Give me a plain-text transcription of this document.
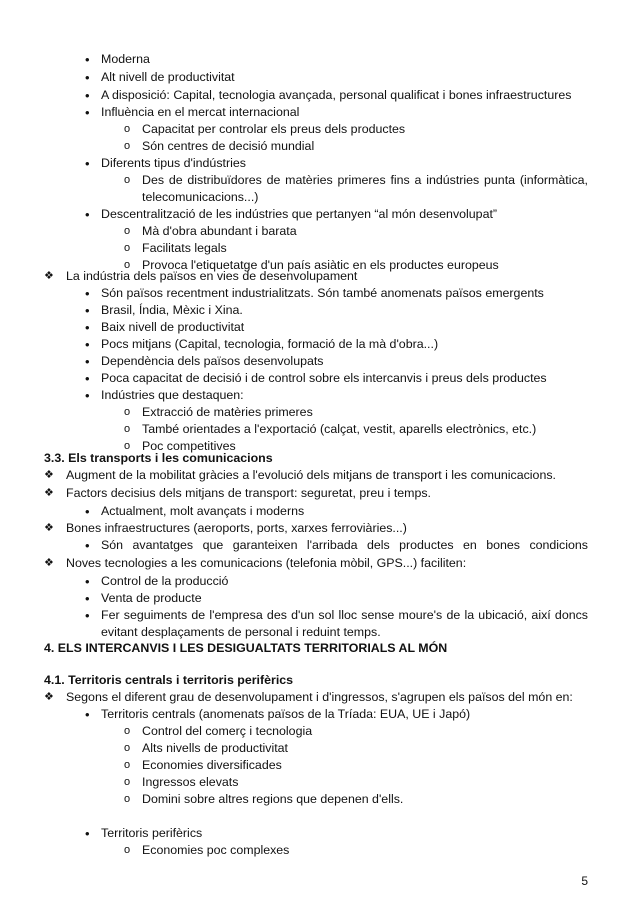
• Moderna
• Alt nivell de productivitat
• A disposició: Capital, tecnologia avançada, personal qualificat i bones infraestructures
• Influència en el mercat internacional
o Capacitat per controlar els preus dels productes
o Són centres de decisió mundial
• Diferents tipus d'indústries
o Des de distribuïdores de matèries primeres fins a indústries punta (informàtica,
telecomunicacions...)
• Descentralització de les indústries que pertanyen “al món desenvolupat”
o Mà d'obra abundant i barata
o Facilitats legals
o Provoca l'etiquetatge d'un país asiàtic en els productes europeus
❖ La indústria dels països en vies de desenvolupament
• Són països recentment industrialitzats. Són també anomenats països emergents
• Brasil, Índia, Mèxic i Xina.
• Baix nivell de productivitat
• Pocs mitjans (Capital, tecnologia, formació de la mà d'obra...)
• Dependència dels països desenvolupats
• Poca capacitat de decisió i de control sobre els intercanvis i preus dels productes
• Indústries que destaquen:
o Extracció de matèries primeres
o També orientades a l'exportació (calçat, vestit, aparells electrònics, etc.)
o Poc competitives
3.3. Els transports i les comunicacions
❖ Augment de la mobilitat gràcies a l'evolució dels mitjans de transport i les comunicacions.
❖ Factors decisius dels mitjans de transport: seguretat, preu i temps.
• Actualment, molt avançats i moderns
❖ Bones infraestructures (aeroports, ports, xarxes ferroviàries...)
• Són avantatges que garanteixen l'arribada dels productes en bones condicions
❖ Noves tecnologies a les comunicacions (telefonia mòbil, GPS...) faciliten:
• Control de la producció
• Venta de producte
• Fer seguiments de l'empresa des d'un sol lloc sense moure's de la ubicació, així doncs
evitant desplaçaments de personal i reduint temps.
4. ELS INTERCANVIS I LES DESIGUALTATS TERRITORIALS AL MÓN
4.1. Territoris centrals i territoris perifèrics
❖ Segons el diferent grau de desenvolupament i d'ingressos, s'agrupen els països del món en:
• Territoris centrals (anomenats països de la Tríada: EUA, UE i Japó)
o Control del comerç i tecnologia
o Alts nivells de productivitat
o Economies diversificades
o Ingressos elevats
o Domini sobre altres regions que depenen d'ells.
5
• Territoris perifèrics
o Economies poc complexes
